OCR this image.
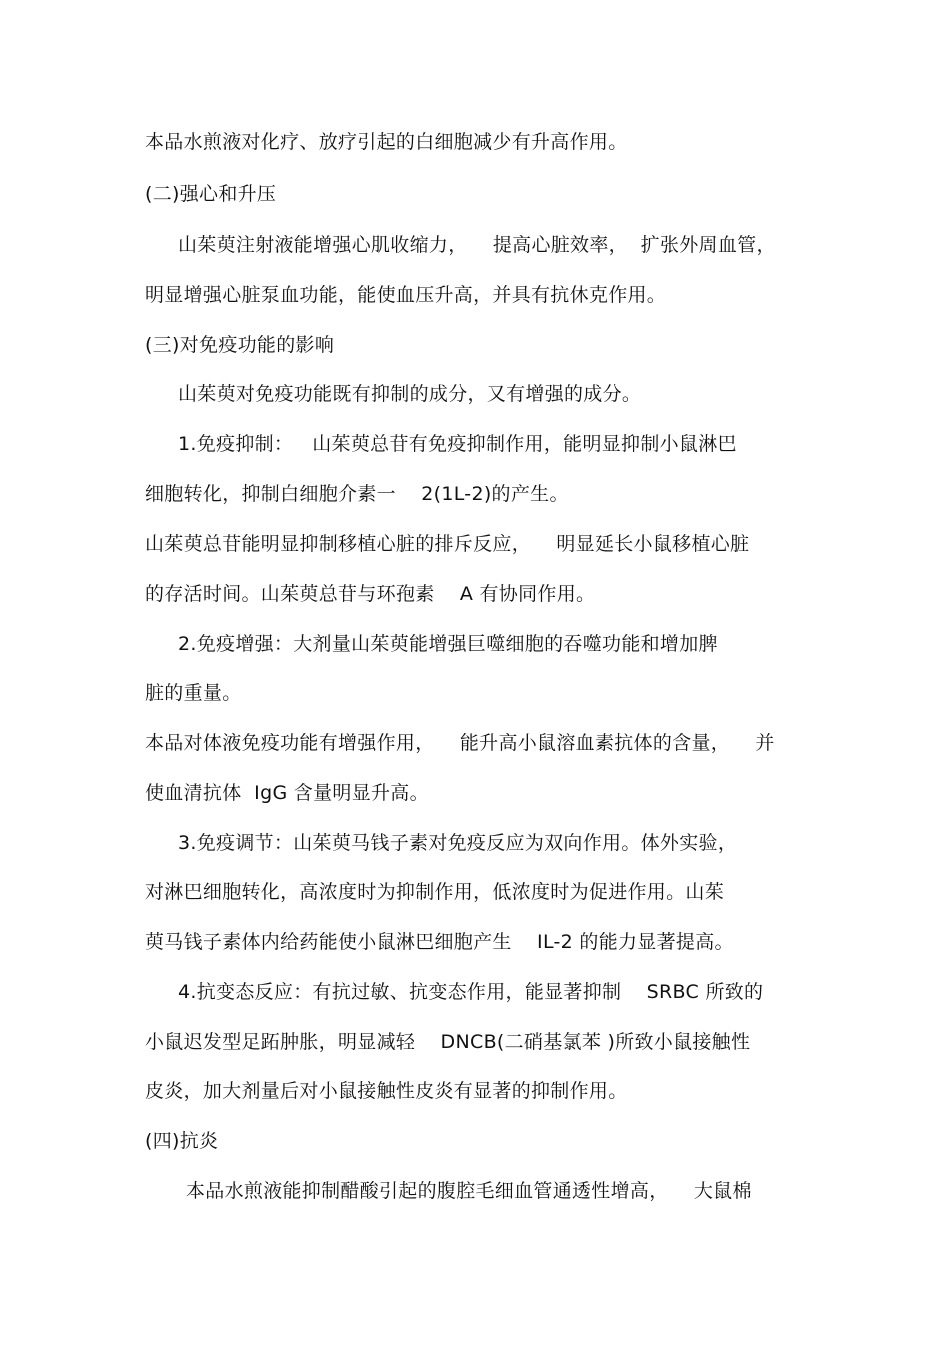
本品水煎液对化疗、放疗引起的白细胞减少有升高作用。
(二)强心和升压
山茱萸注射液能增强心肌收缩力，    提高心脏效率，  扩张外周血管，
明显增强心脏泵血功能，能使血压升高，并具有抗休克作用。
(三)对免疫功能的影响
山茱萸对免疫功能既有抑制的成分，又有增强的成分。
1.免疫抑制：   山茱萸总苷有免疫抑制作用，能明显抑制小鼠淋巴
细胞转化，抑制白细胞介素一    2(1L-2)的产生。
山茱萸总苷能明显抑制移植心脏的排斥反应，    明显延长小鼠移植心脏
的存活时间。山茱萸总苷与环孢素    A 有协同作用。
2.免疫增强：大剂量山茱萸能增强巨噬细胞的吞噬功能和增加脾
脏的重量。
本品对体液免疫功能有增强作用，    能升高小鼠溶血素抗体的含量，    并
使血清抗体  IgG 含量明显升高。
3.免疫调节：山茱萸马钱子素对免疫反应为双向作用。体外实验，
对淋巴细胞转化，高浓度时为抑制作用，低浓度时为促进作用。山茱
萸马钱子素体内给药能使小鼠淋巴细胞产生    IL-2 的能力显著提高。
4.抗变态反应：有抗过敏、抗变态作用，能显著抑制    SRBC 所致的
小鼠迟发型足跖肿胀，明显减轻    DNCB(二硝基氯苯 )所致小鼠接触性
皮炎，加大剂量后对小鼠接触性皮炎有显著的抑制作用。
(四)抗炎
本品水煎液能抑制醋酸引起的腹腔毛细血管通透性增高，    大鼠棉
